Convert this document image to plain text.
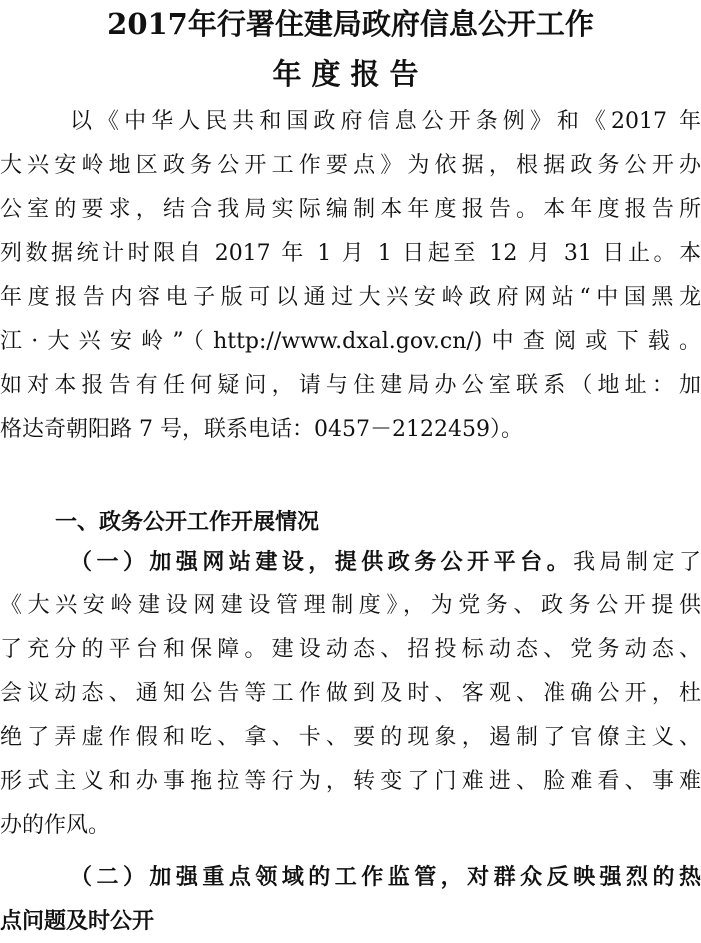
2017年行署住建局政府信息公开工作
年度报告
以《中华人民共和国政府信息公开条例》和《2017 年
大兴安岭地区政务公开工作要点》为依据，根据政务公开办
公室的要求，结合我局实际编制本年度报告。本年度报告所
列数据统计时限自 2017 年 1 月 1 日起至 12 月 31 日止。本
年度报告内容电子版可以通过大兴安岭政府网站“中国黑龙
江·大兴安岭”（http://www.dxal.gov.cn/)中查阅或下载。
如对本报告有任何疑问，请与住建局办公室联系（地址：加
格达奇朝阳路 7 号，联系电话：0457－2122459）。
一、政务公开工作开展情况
（一）加强网站建设，提供政务公开平台。我局制定了
《大兴安岭建设网建设管理制度》，为党务、政务公开提供
了充分的平台和保障。建设动态、招投标动态、党务动态、
会议动态、通知公告等工作做到及时、客观、准确公开，杜
绝了弄虚作假和吃、拿、卡、要的现象，遏制了官僚主义、
形式主义和办事拖拉等行为，转变了门难进、脸难看、事难
办的作风。
（二）加强重点领域的工作监管，对群众反映强烈的热
点问题及时公开
